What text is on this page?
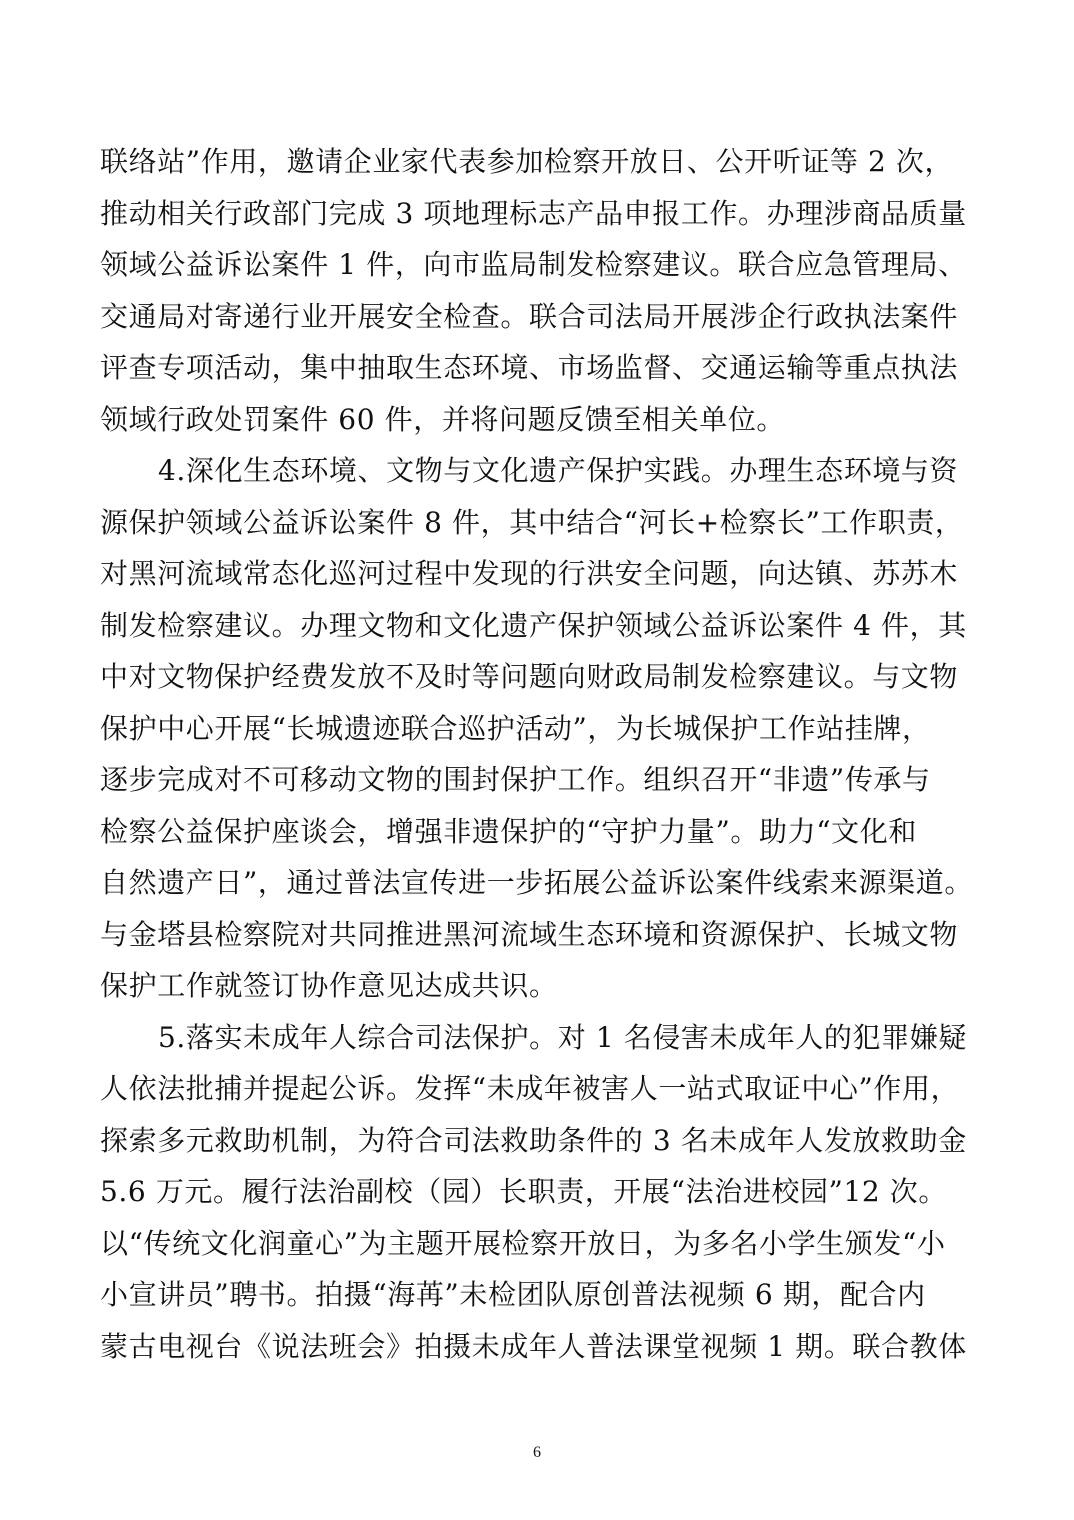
联络站”作用，邀请企业家代表参加检察开放日、公开听证等 2 次，
推动相关行政部门完成 3 项地理标志产品申报工作。办理涉商品质量
领域公益诉讼案件 1 件，向市监局制发检察建议。联合应急管理局、
交通局对寄递行业开展安全检查。联合司法局开展涉企行政执法案件
评查专项活动，集中抽取生态环境、市场监督、交通运输等重点执法
领域行政处罚案件 60 件，并将问题反馈至相关单位。
4.深化生态环境、文物与文化遗产保护实践。办理生态环境与资
源保护领域公益诉讼案件 8 件，其中结合“河长+检察长”工作职责，
对黑河流域常态化巡河过程中发现的行洪安全问题，向达镇、苏苏木
制发检察建议。办理文物和文化遗产保护领域公益诉讼案件 4 件，其
中对文物保护经费发放不及时等问题向财政局制发检察建议。与文物
保护中心开展“长城遗迹联合巡护活动”，为长城保护工作站挂牌，
逐步完成对不可移动文物的围封保护工作。组织召开“非遗”传承与
检察公益保护座谈会，增强非遗保护的“守护力量”。助力“文化和
自然遗产日”，通过普法宣传进一步拓展公益诉讼案件线索来源渠道。
与金塔县检察院对共同推进黑河流域生态环境和资源保护、长城文物
保护工作就签订协作意见达成共识。
5.落实未成年人综合司法保护。对 1 名侵害未成年人的犯罪嫌疑
人依法批捕并提起公诉。发挥“未成年被害人一站式取证中心”作用，
探索多元救助机制，为符合司法救助条件的 3 名未成年人发放救助金
5.6 万元。履行法治副校（园）长职责，开展“法治进校园”12 次。
以“传统文化润童心”为主题开展检察开放日，为多名小学生颁发“小
小宣讲员”聘书。拍摄“海苒”未检团队原创普法视频 6 期，配合内
蒙古电视台《说法班会》拍摄未成年人普法课堂视频 1 期。联合教体
6
